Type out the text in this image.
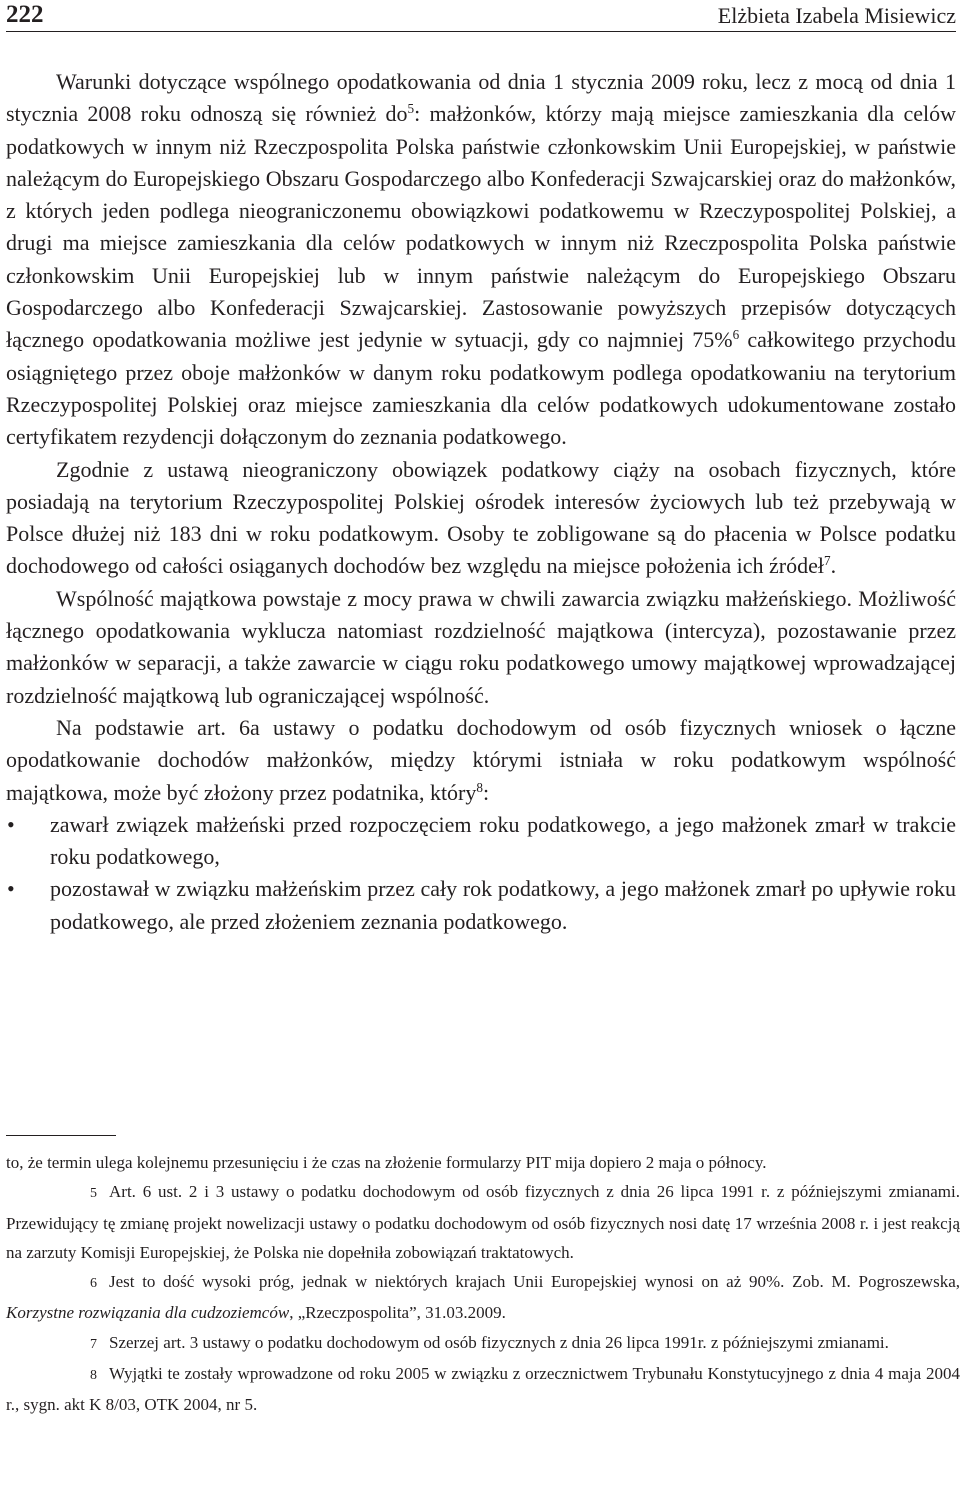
222	Elżbieta Izabela Misiewicz

Warunki dotyczące wspólnego opodatkowania od dnia 1 stycznia 2009 roku, lecz z mocą od dnia 1 stycznia 2008 roku odnoszą się również $do^5$: małżonków, którzy mają miejsce zamieszkania dla celów podatkowych w innym niż Rzeczpospolita Polska państwie członkowskim Unii Europejskiej, w państwie należącym do Europejskiego Obszaru Gospodarczego albo Konfederacji Szwajcarskiej oraz do małżonków, z których jeden podlega nieograniczonemu obowiązkowi podatkowemu w Rzeczypospolitej Polskiej, a drugi ma miejsce zamieszkania dla celów podatkowych w innym niż Rzeczpospolita Polska państwie członkowskim Unii Europejskiej lub w innym państwie należącym do Europejskiego Obszaru Gospodarczego albo Konfederacji Szwajcarskiej. Zastosowanie powyższych przepisów dotyczących łącznego opodatkowania możliwe jest jedynie w sytuacji, gdy co najmniej 75%$^6$ całkowitego przychodu osiągniętego przez oboje małżonków w danym roku podatkowym podlega opodatkowaniu na terytorium Rzeczypospolitej Polskiej oraz miejsce zamieszkania dla celów podatkowych udokumentowane zostało certyfikatem rezydencji dołączonym do zeznania podatkowego.

Zgodnie z ustawą nieograniczony obowiązek podatkowy ciąży na osobach fizycznych, które posiadają na terytorium Rzeczypospolitej Polskiej ośrodek interesów życiowych lub też przebywają w Polsce dłużej niż 183 dni w roku podatkowym. Osoby te zobligowane są do płacenia w Polsce podatku dochodowego od całości osiąganych dochodów bez względu na miejsce położenia ich źródeł$^7$.

Wspólność majątkowa powstaje z mocy prawa w chwili zawarcia związku małżeńskiego. Możliwość łącznego opodatkowania wyklucza natomiast rozdzielność majątkowa (intercyza), pozostawanie przez małżonków w separacji, a także zawarcie w ciągu roku podatkowego umowy majątkowej wprowadzającej rozdzielność majątkową lub ograniczającej wspólność.

Na podstawie art. 6a ustawy o podatku dochodowym od osób fizycznych wniosek o łączne opodatkowanie dochodów małżonków, między którymi istniała w roku podatkowym wspólność majątkowa, może być złożony przez podatnika, który$^8$:

• zawarł związek małżeński przed rozpoczęciem roku podatkowego, a jego małżonek zmarł w trakcie roku podatkowego,
• pozostawał w związku małżeńskim przez cały rok podatkowy, a jego małżonek zmarł po upływie roku podatkowego, ale przed złożeniem zeznania podatkowego.

to, że termin ulega kolejnemu przesunięciu i że czas na złożenie formularzy PIT mija dopiero 2 maja o północy.

5 Art. 6 ust. 2 i 3 ustawy o podatku dochodowym od osób fizycznych z dnia 26 lipca 1991 r. z późniejszymi zmianami. Przewidujący tę zmianę projekt nowelizacji ustawy o podatku dochodowym od osób fizycznych nosi datę 17 września 2008 r. i jest reakcją na zarzuty Komisji Europejskiej, że Polska nie dopełniła zobowiązań traktatowych.

6 Jest to dość wysoki próg, jednak w niektórych krajach Unii Europejskiej wynosi on aż 90%. Zob. M. Pogroszewska, Korzystne rozwiązania dla cudzoziemców, „Rzeczpospolita”, 31.03.2009.

7 Szerzej art. 3 ustawy o podatku dochodowym od osób fizycznych z dnia 26 lipca 1991r. z późniejszymi zmianami.

8 Wyjątki te zostały wprowadzone od roku 2005 w związku z orzecznictwem Trybunału Konstytucyjnego z dnia 4 maja 2004 r., sygn. akt K 8/03, OTK 2004, nr 5.
